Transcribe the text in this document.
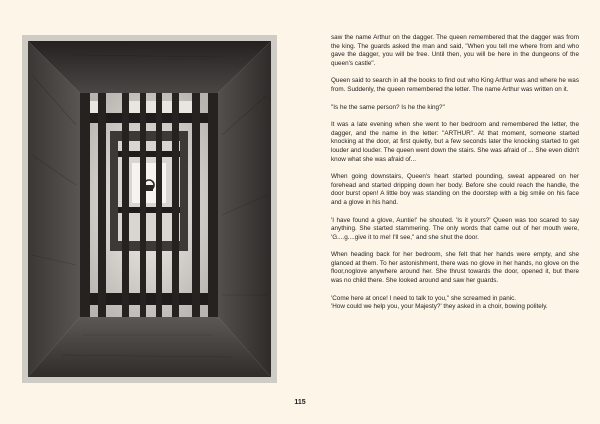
saw the name Arthur on the dagger. The queen remembered that the dagger was from the king. The guards asked the man and said, "When you tell me where from and who gave the dagger, you will be free. Until then, you will be here in the dungeons of the queen's castle".

Queen said to search in all the books to find out who King Arthur was and where he was from. Suddenly, the queen remembered the letter. The name Arthur was written on it.

"Is he the same person? Is he the king?"

It was a late evening when she went to her bedroom and remembered the letter, the dagger, and the name in the letter: "ARTHUR". At that moment, someone started knocking at the door, at first quietly, but a few seconds later the knocking started to get louder and louder. The queen went down the stairs. She was afraid of ... She even didn't know what she was afraid of...

When going downstairs, Queen's heart started pounding, sweat appeared on her forehead and started dripping down her body. Before she could reach the handle, the door burst open! A little boy was standing on the doorstep with a big smile on his face and a glove in his hand.

'I have found a glove, Auntie!' he shouted. 'Is it yours?' Queen was too scared to say anything. She started stammering. The only words that came out of her mouth were, 'G....g....give it to me! I'll see," and she shut the door.

When heading back for her bedroom, she felt that her hands were empty, and she glanced at them. To her astonishment, there was no glove in her hands, no glove on the floor,noglove anywhere around her. She thrust towards the door, opened it, but there was no child there. She looked around and saw her guards.

'Come here at once! I need to talk to you," she screamed in panic.

'How could we help you, your Majesty?' they asked in a choir, bowing politely.

115
